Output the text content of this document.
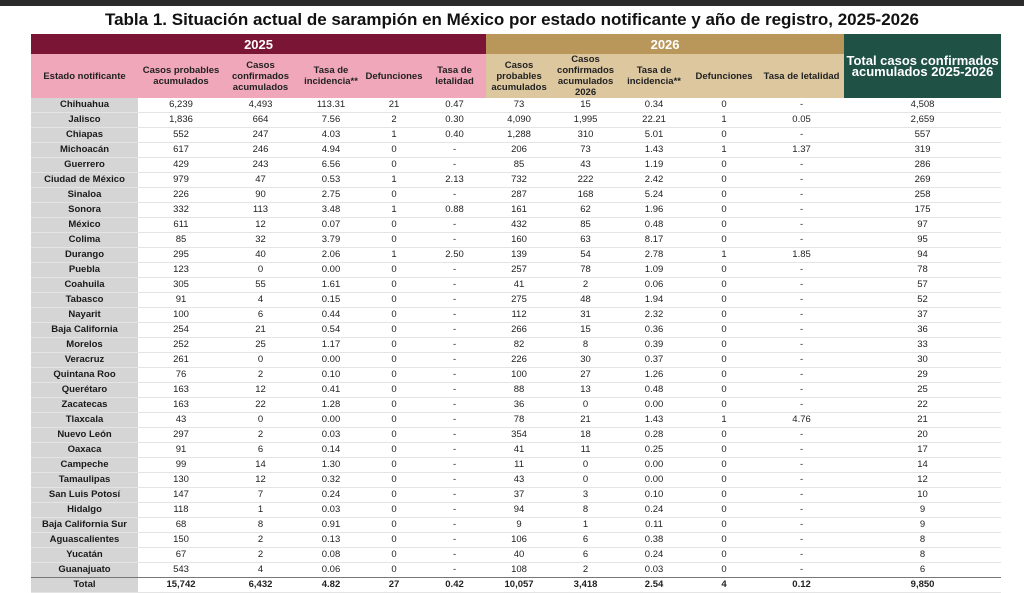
Tabla 1. Situación actual de sarampión en México por estado notificante y año de registro, 2025-2026
2025						2026					Total casos confirmados acumulados 2025-2026
Estado notificante	Casos probables acumulados	Casos confirmados acumulados	Tasa de incidencia**	Defunciones	Tasa de letalidad	Casos probables acumulados	Casos confirmados acumulados 2026	Tasa de incidencia**	Defunciones	Tasa de letalidad	
Chihuahua	6,239	4,493	113.31	21	0.47	73	15	0.34	0	-	4,508
Jalisco	1,836	664	7.56	2	0.30	4,090	1,995	22.21	1	0.05	2,659
Chiapas	552	247	4.03	1	0.40	1,288	310	5.01	0	-	557
Michoacán	617	246	4.94	0	-	206	73	1.43	1	1.37	319
Guerrero	429	243	6.56	0	-	85	43	1.19	0	-	286
Ciudad de México	979	47	0.53	1	2.13	732	222	2.42	0	-	269
Sinaloa	226	90	2.75	0	-	287	168	5.24	0	-	258
Sonora	332	113	3.48	1	0.88	161	62	1.96	0	-	175
México	611	12	0.07	0	-	432	85	0.48	0	-	97
Colima	85	32	3.79	0	-	160	63	8.17	0	-	95
Durango	295	40	2.06	1	2.50	139	54	2.78	1	1.85	94
Puebla	123	0	0.00	0	-	257	78	1.09	0	-	78
Coahuila	305	55	1.61	0	-	41	2	0.06	0	-	57
Tabasco	91	4	0.15	0	-	275	48	1.94	0	-	52
Nayarit	100	6	0.44	0	-	112	31	2.32	0	-	37
Baja California	254	21	0.54	0	-	266	15	0.36	0	-	36
Morelos	252	25	1.17	0	-	82	8	0.39	0	-	33
Veracruz	261	0	0.00	0	-	226	30	0.37	0	-	30
Quintana Roo	76	2	0.10	0	-	100	27	1.26	0	-	29
Querétaro	163	12	0.41	0	-	88	13	0.48	0	-	25
Zacatecas	163	22	1.28	0	-	36	0	0.00	0	-	22
Tlaxcala	43	0	0.00	0	-	78	21	1.43	1	4.76	21
Nuevo León	297	2	0.03	0	-	354	18	0.28	0	-	20
Oaxaca	91	6	0.14	0	-	41	11	0.25	0	-	17
Campeche	99	14	1.30	0	-	11	0	0.00	0	-	14
Tamaulipas	130	12	0.32	0	-	43	0	0.00	0	-	12
San Luis Potosí	147	7	0.24	0	-	37	3	0.10	0	-	10
Hidalgo	118	1	0.03	0	-	94	8	0.24	0	-	9
Baja California Sur	68	8	0.91	0	-	9	1	0.11	0	-	9
Aguascalientes	150	2	0.13	0	-	106	6	0.38	0	-	8
Yucatán	67	2	0.08	0	-	40	6	0.24	0	-	8
Guanajuato	543	4	0.06	0	-	108	2	0.03	0	-	6
Total	15,742	6,432	4.82	27	0.42	10,057	3,418	2.54	4	0.12	9,850
